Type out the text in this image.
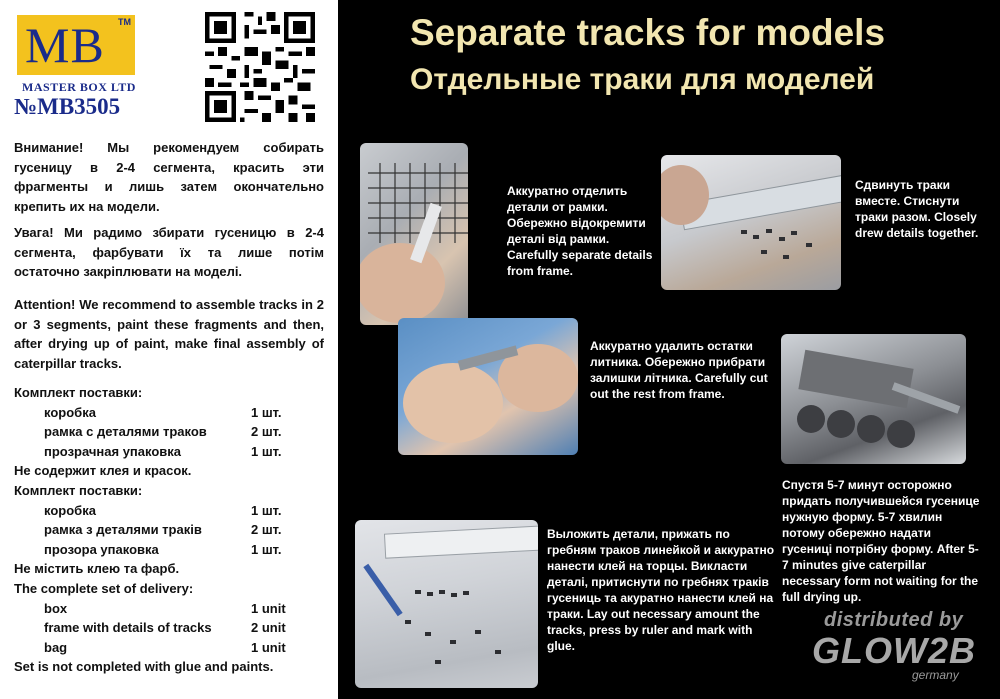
MB TM
MASTER BOX LTD
№MB3505
Внимание! Мы рекомендуем собирать гусеницу в 2-4 сегмента, красить эти фрагменты и лишь затем окончательно крепить их на модели.
Увага! Ми радимо збирати гусеницю в 2-4 сегмента, фарбувати їх та лише потім остаточно закріплювати на моделі.
Attention! We recommend to assemble tracks in 2 or 3 segments, paint these fragments and then, after drying up of paint, make final assembly of caterpillar tracks.
Комплект поставки:
коробка	1 шт.
рамка с деталями траков	2 шт.
прозрачная упаковка	1 шт.
Не содержит клея и красок.
Комплект поставки:
коробка	1 шт.
рамка з деталями траків	2 шт.
прозора упаковка	1 шт.
Не містить клею та фарб.
The complete set of delivery:
box	1 unit
frame with details of tracks	2 unit
bag	1 unit
Set is not completed with glue and paints.
Separate tracks for models
Отдельные траки для моделей
Аккуратно отделить детали от рамки. Обережно відокремити деталі від рамки. Carefully separate details from frame.
Сдвинуть траки вместе. Стиснути траки разом. Closely drew details together.
Аккуратно удалить остатки литника. Обережно прибрати залишки літника. Carefully cut out the rest from frame.
Спустя 5-7 минут осторожно придать получившейся гусенице нужную форму. 5-7 хвилин потому обережно надати гусениці потрібну форму. After 5-7 minutes give caterpillar necessary form not waiting for the full drying up.
Выложить детали, прижать по гребням траков линейкой и аккуратно нанести клей на торцы. Викласти деталі, притиснути по гребнях траків гусениць та акуратно нанести клей на траки. Lay out necessary amount the tracks, press by ruler and mark with glue.
distributed by
GLOW2B
germany
